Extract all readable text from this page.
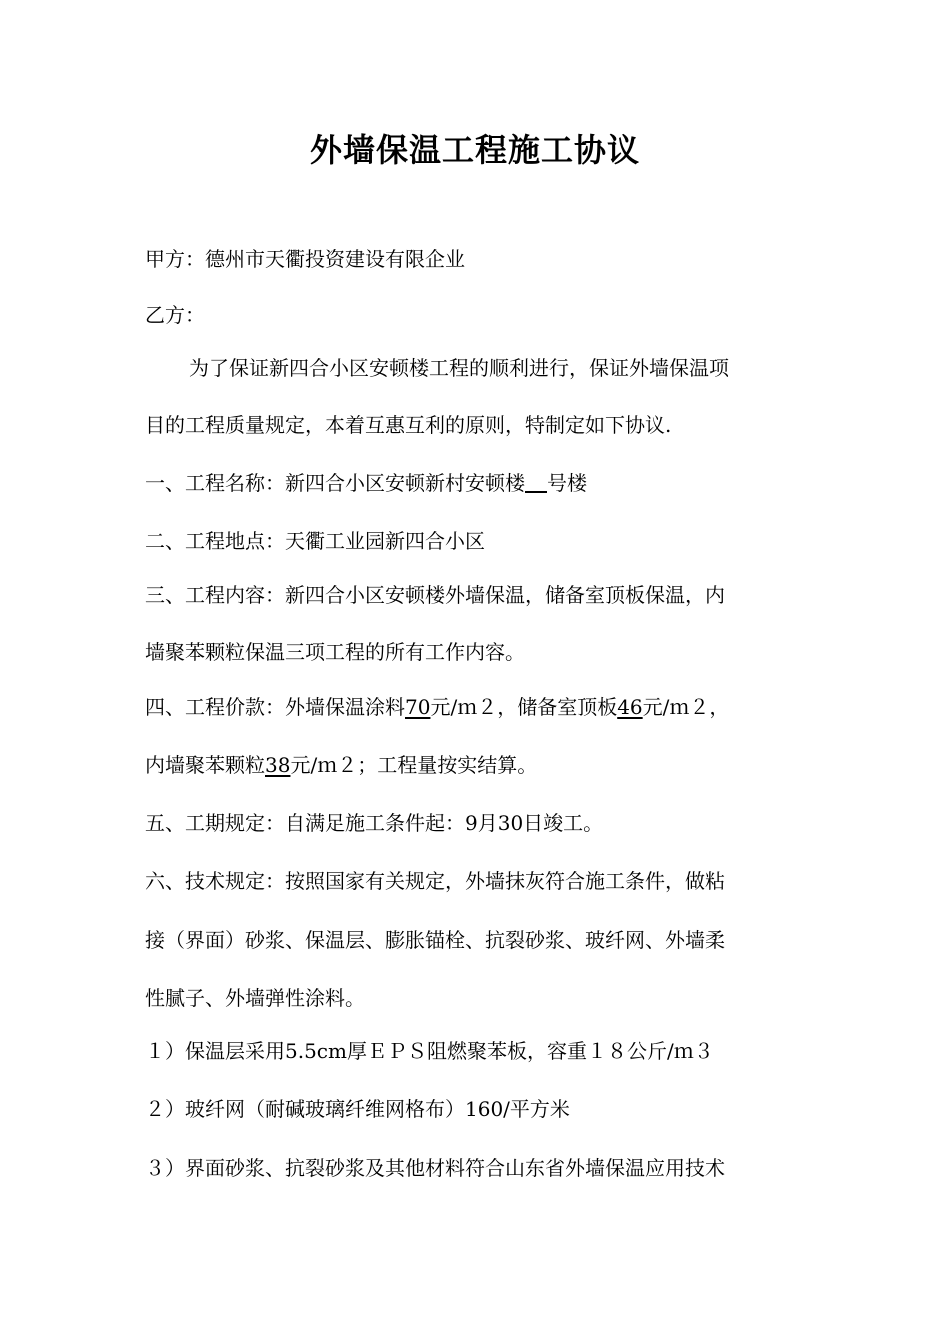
外墙保温工程施工协议
甲方：德州市天衢投资建设有限企业
乙方：
为了保证新四合小区安顿楼工程的顺利进行，保证外墙保温项
目的工程质量规定，本着互惠互利的原则，特制定如下协议.
一、工程名称：新四合小区安顿新村安顿楼 号楼
二、工程地点：天衢工业园新四合小区
三、工程内容：新四合小区安顿楼外墙保温，储备室顶板保温，内
墙聚苯颗粒保温三项工程的所有工作内容。
四、工程价款：外墙保温涂料70元/ｍ２，储备室顶板46元/ｍ２，
内墙聚苯颗粒38元/ｍ２；工程量按实结算。
五、工期规定：自满足施工条件起：9月30日竣工。
六、技术规定：按照国家有关规定，外墙抹灰符合施工条件，做粘
接（界面）砂浆、保温层、膨胀锚栓、抗裂砂浆、玻纤网、外墙柔
性腻子、外墙弹性涂料。
１）保温层采用5.5cm厚ＥＰＳ阻燃聚苯板，容重１８公斤/ｍ３
２）玻纤网（耐碱玻璃纤维网格布）160/平方米
３）界面砂浆、抗裂砂浆及其他材料符合山东省外墙保温应用技术
